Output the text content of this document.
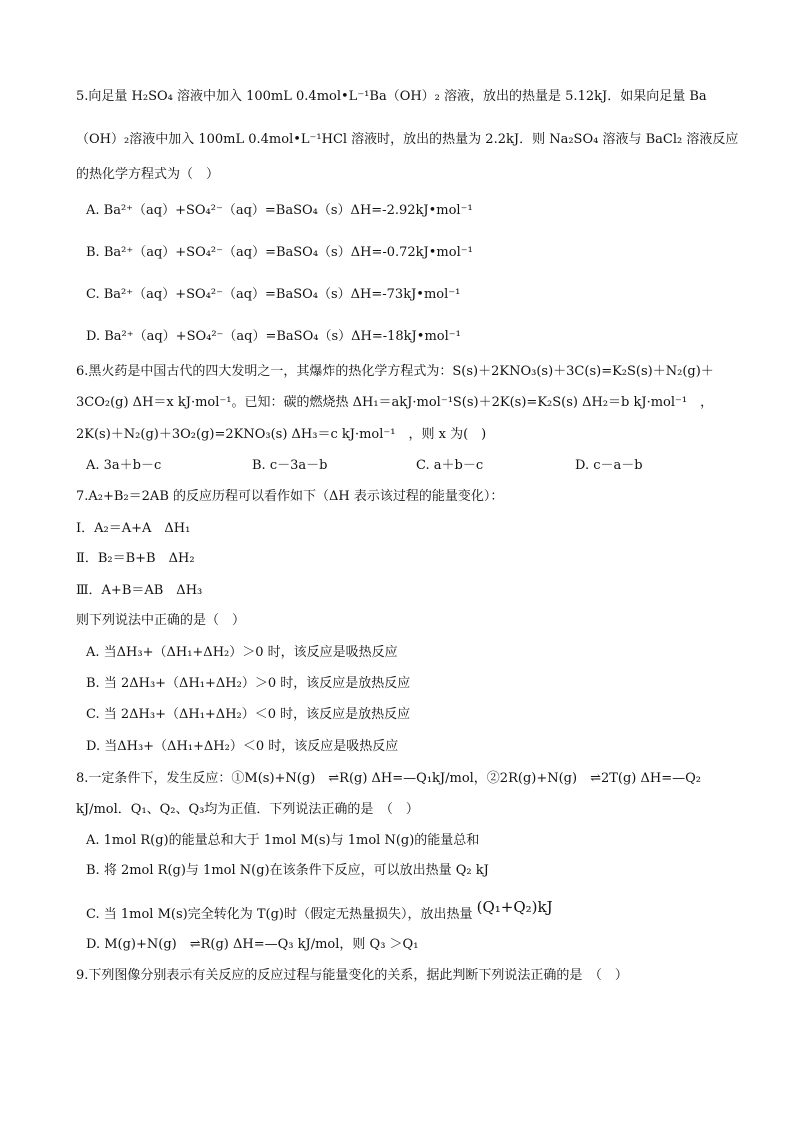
5.向足量 H₂SO₄ 溶液中加入 100mL 0.4mol•L⁻¹Ba（OH）₂ 溶液，放出的热量是 5.12kJ．如果向足量 Ba
（OH）₂溶液中加入 100mL 0.4mol•L⁻¹HCl 溶液时，放出的热量为 2.2kJ．则 Na₂SO₄ 溶液与 BaCl₂ 溶液反应
的热化学方程式为（　）
A. Ba²⁺（aq）+SO₄²⁻（aq）=BaSO₄（s）ΔH=-2.92kJ•mol⁻¹
B. Ba²⁺（aq）+SO₄²⁻（aq）=BaSO₄（s）ΔH=-0.72kJ•mol⁻¹
C. Ba²⁺（aq）+SO₄²⁻（aq）=BaSO₄（s）ΔH=-73kJ•mol⁻¹
D. Ba²⁺（aq）+SO₄²⁻（aq）=BaSO₄（s）ΔH=-18kJ•mol⁻¹
6.黑火药是中国古代的四大发明之一，其爆炸的热化学方程式为：S(s)＋2KNO₃(s)＋3C(s)=K₂S(s)＋N₂(g)＋
3CO₂(g) ΔH＝x kJ·mol⁻¹。已知：碳的燃烧热 ΔH₁＝akJ·mol⁻¹S(s)＋2K(s)=K₂S(s) ΔH₂＝b kJ·mol⁻¹　，
2K(s)＋N₂(g)＋3O₂(g)=2KNO₃(s) ΔH₃＝c kJ·mol⁻¹　，则 x 为(　)
A. 3a＋b－c	B. c－3a－b	C. a＋b－c	D. c－a－b
7.A₂+B₂＝2AB 的反应历程可以看作如下（ΔH 表示该过程的能量变化）：
Ⅰ．A₂＝A+A　ΔH₁
Ⅱ．B₂＝B+B　ΔH₂
Ⅲ．A+B＝AB　ΔH₃
则下列说法中正确的是（　）
A. 当ΔH₃+（ΔH₁+ΔH₂）＞0 时，该反应是吸热反应
B. 当 2ΔH₃+（ΔH₁+ΔH₂）＞0 时，该反应是放热反应
C. 当 2ΔH₃+（ΔH₁+ΔH₂）＜0 时，该反应是放热反应
D. 当ΔH₃+（ΔH₁+ΔH₂）＜0 时，该反应是吸热反应
8.一定条件下，发生反应：①M(s)+N(g)　⇌R(g) ΔH=—Q₁kJ/mol，②2R(g)+N(g)　⇌2T(g) ΔH=—Q₂
kJ/mol．Q₁、Q₂、Q₃均为正值．下列说法正确的是　（　）
A. 1mol R(g)的能量总和大于 1mol M(s)与 1mol N(g)的能量总和
B. 将 2mol R(g)与 1mol N(g)在该条件下反应，可以放出热量 Q₂ kJ
C. 当 1mol M(s)完全转化为 T(g)时（假定无热量损失），放出热量 (Q₁+Q₂)kJ
D. M(g)+N(g)　⇌R(g) ΔH=—Q₃ kJ/mol，则 Q₃ ＞Q₁
9.下列图像分别表示有关反应的反应过程与能量变化的关系，据此判断下列说法正确的是　（　）
